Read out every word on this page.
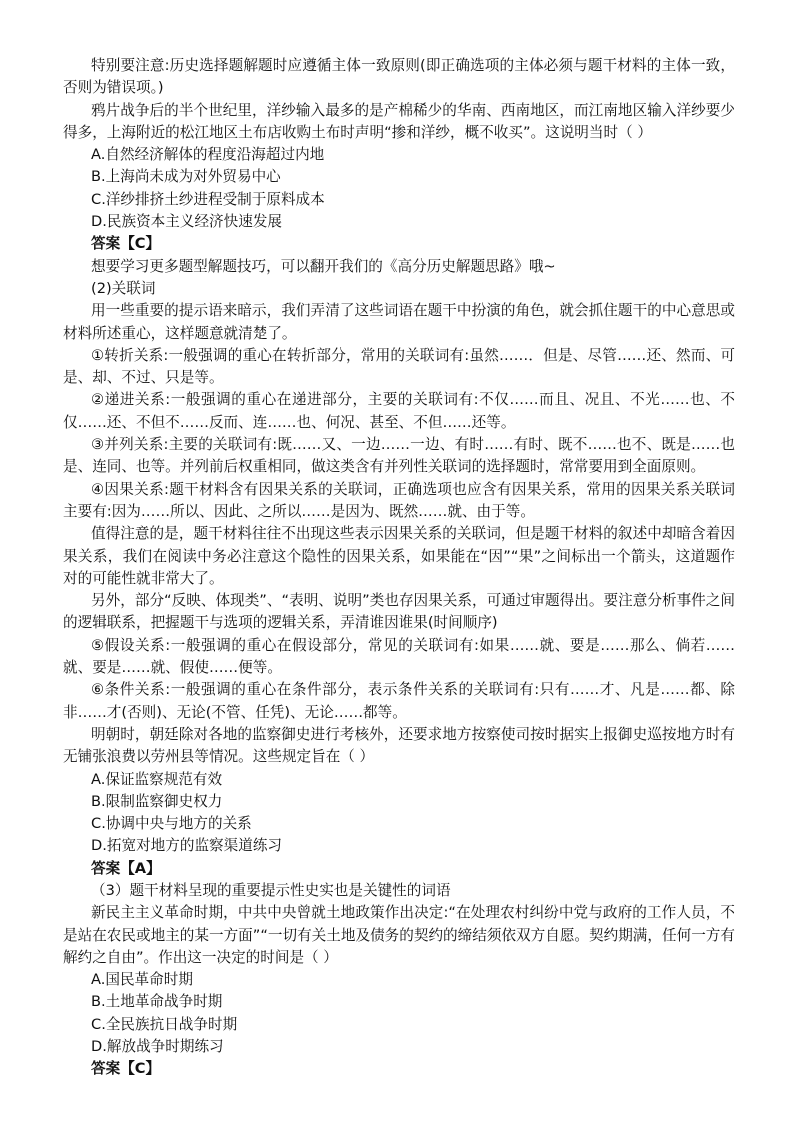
特别要注意:历史选择题解题时应遵循主体一致原则(即正确选项的主体必须与题干材料的主体一致，否则为错误项。)

鸦片战争后的半个世纪里，洋纱输入最多的是产棉稀少的华南、西南地区，而江南地区输入洋纱要少得多，上海附近的松江地区土布店收购土布时声明“掺和洋纱，概不收买”。这说明当时（ ）

A.自然经济解体的程度沿海超过内地

B.上海尚未成为对外贸易中心

C.洋纱排挤土纱进程受制于原料成本

D.民族资本主义经济快速发展

答案【C】

想要学习更多题型解题技巧，可以翻开我们的《高分历史解题思路》哦~

(2)关联词

用一些重要的提示语来暗示，我们弄清了这些词语在题干中扮演的角色，就会抓住题干的中心意思或材料所述重心，这样题意就清楚了。

①转折关系:一般强调的重心在转折部分，常用的关联词有:虽然……．但是、尽管……还、然而、可是、却、不过、只是等。

②递进关系:一般强调的重心在递进部分，主要的关联词有:不仅……而且、况且、不光……也、不仅……还、不但不……反而、连……也、何况、甚至、不但……还等。

③并列关系:主要的关联词有:既……又、一边……一边、有时……有时、既不……也不、既是……也是、连同、也等。并列前后权重相同，做这类含有并列性关联词的选择题时，常常要用到全面原则。

④因果关系:题干材料含有因果关系的关联词，正确选项也应含有因果关系，常用的因果关系关联词主要有:因为……所以、因此、之所以……是因为、既然……就、由于等。

值得注意的是，题干材料往往不出现这些表示因果关系的关联词，但是题干材料的叙述中却暗含着因果关系，我们在阅读中务必注意这个隐性的因果关系，如果能在“因”“果”之间标出一个箭头，这道题作对的可能性就非常大了。

另外，部分“反映、体现类”、“表明、说明”类也存因果关系，可通过审题得出。要注意分析事件之间的逻辑联系，把握题干与选项的逻辑关系，弄清谁因谁果(时间顺序)

⑤假设关系:一般强调的重心在假设部分，常见的关联词有:如果……就、要是……那么、倘若……就、要是……就、假使……便等。

⑥条件关系:一般强调的重心在条件部分，表示条件关系的关联词有:只有……才、凡是……都、除非……才(否则)、无论(不管、任凭)、无论……都等。

明朝时，朝廷除对各地的监察御史进行考核外，还要求地方按察使司按时据实上报御史巡按地方时有无铺张浪费以劳州县等情况。这些规定旨在（ ）

A.保证监察规范有效

B.限制监察御史权力

C.协调中央与地方的关系

D.拓宽对地方的监察渠道练习

答案【A】

（3）题干材料呈现的重要提示性史实也是关键性的词语

新民主主义革命时期，中共中央曾就土地政策作出决定:“在处理农村纠纷中党与政府的工作人员，不是站在农民或地主的某一方面”“一切有关土地及债务的契约的缔结须依双方自愿。契约期满，任何一方有解约之自由”。作出这一决定的时间是（ ）

A.国民革命时期

B.土地革命战争时期

C.全民族抗日战争时期

D.解放战争时期练习

答案【C】
